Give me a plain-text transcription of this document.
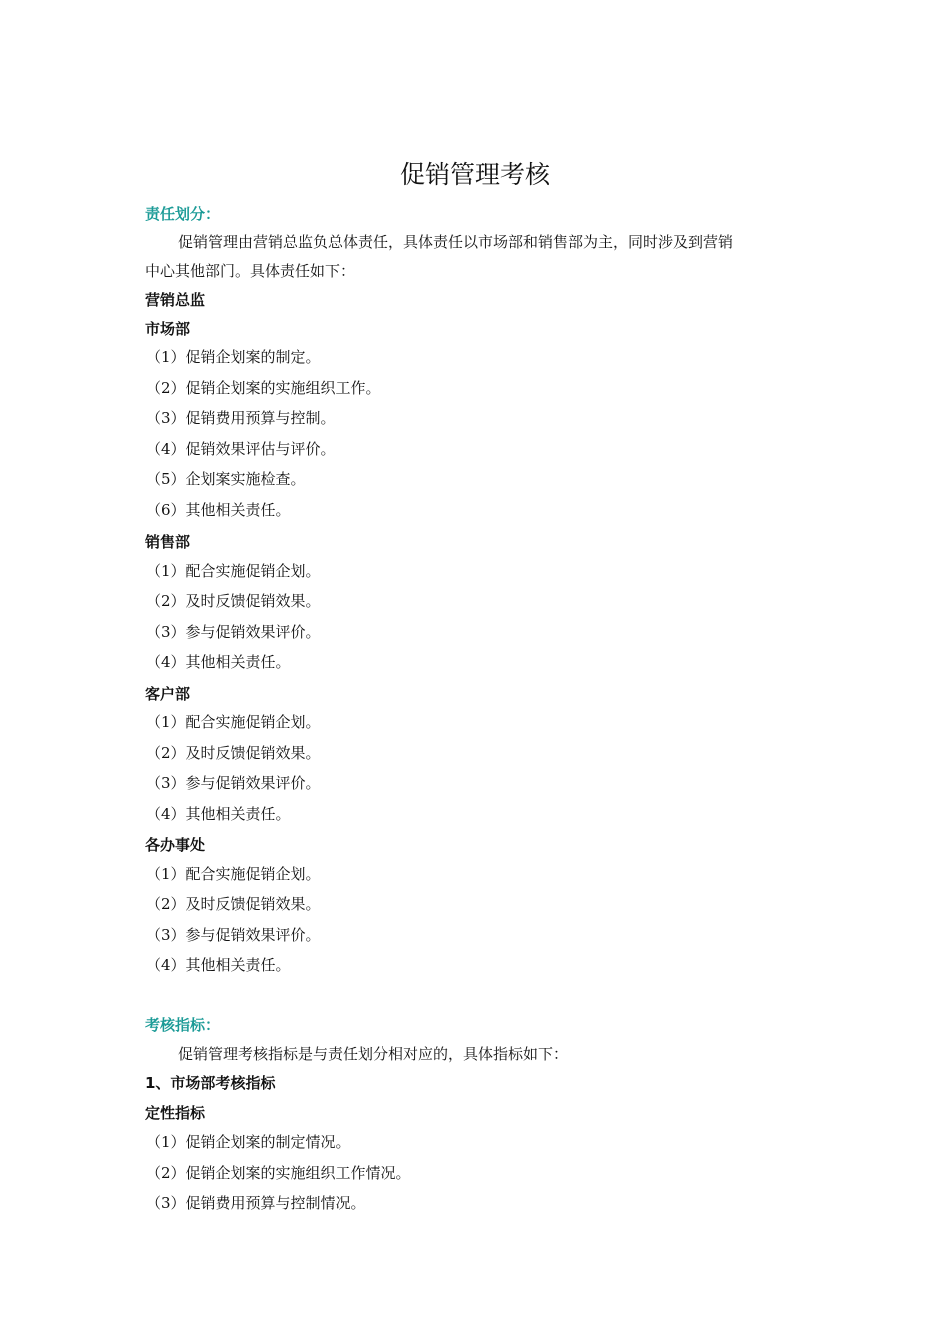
促销管理考核
责任划分：
促销管理由营销总监负总体责任，具体责任以市场部和销售部为主，同时涉及到营销
中心其他部门。具体责任如下：
营销总监
市场部
（1）促销企划案的制定。
（2）促销企划案的实施组织工作。
（3）促销费用预算与控制。
（4）促销效果评估与评价。
（5）企划案实施检查。
（6）其他相关责任。
销售部
（1）配合实施促销企划。
（2）及时反馈促销效果。
（3）参与促销效果评价。
（4）其他相关责任。
客户部
（1）配合实施促销企划。
（2）及时反馈促销效果。
（3）参与促销效果评价。
（4）其他相关责任。
各办事处
（1）配合实施促销企划。
（2）及时反馈促销效果。
（3）参与促销效果评价。
（4）其他相关责任。
考核指标：
促销管理考核指标是与责任划分相对应的，具体指标如下：
1、市场部考核指标
定性指标
（1）促销企划案的制定情况。
（2）促销企划案的实施组织工作情况。
（3）促销费用预算与控制情况。
